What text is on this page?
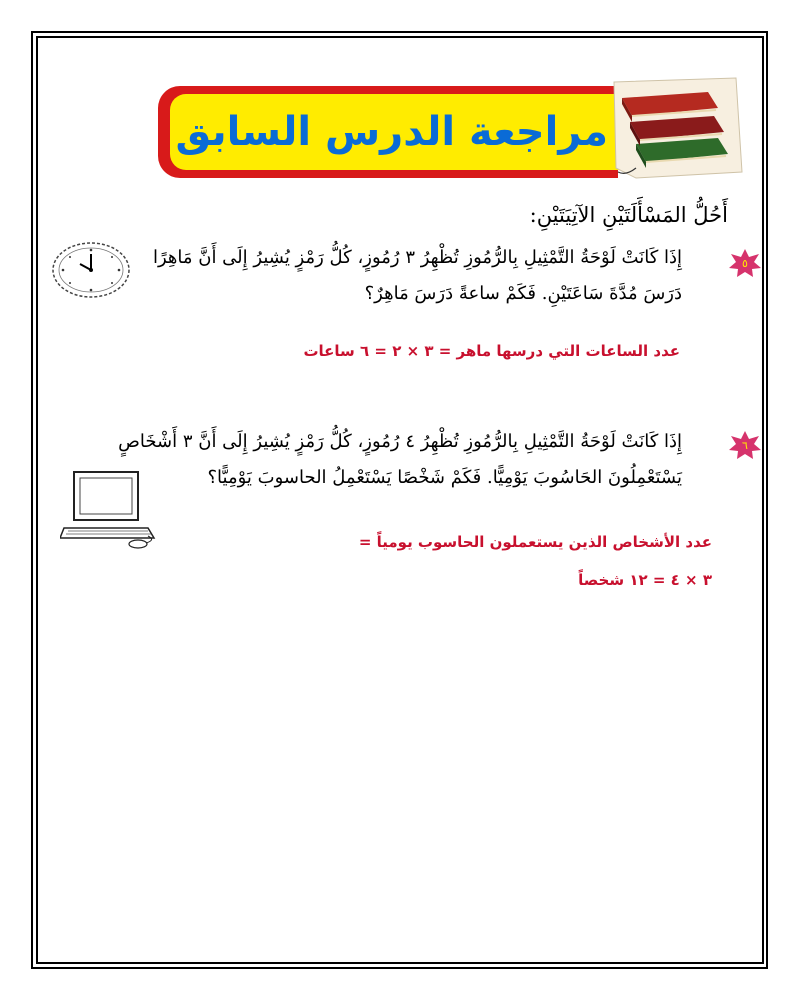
مراجعة الدرس السابق
أَحُلُّ المَسْأَلَتَيْنِ الآتِيَتَيْنِ:
٥
إِذَا كَانَتْ لَوْحَةُ التَّمْثِيلِ بِالرُّمُوزِ تُظْهِرُ ٣ رُمُوزٍ، كُلُّ رَمْزٍ يُشِيرُ إِلَى أَنَّ مَاهِرًا دَرَسَ مُدَّةَ سَاعَتَيْنِ. فَكَمْ ساعةً دَرَسَ مَاهِرٌ؟
عدد الساعات التي درسها ماهر = ٣ × ٢ = ٦ ساعات
٦
إِذَا كَانَتْ لَوْحَةُ التَّمْثِيلِ بِالرُّمُوزِ تُظْهِرُ ٤ رُمُوزٍ، كُلُّ رَمْزٍ يُشِيرُ إِلَى أَنَّ ٣ أَشْخَاصٍ يَسْتَعْمِلُونَ الحَاسُوبَ يَوْمِيًّا. فَكَمْ شَخْصًا يَسْتَعْمِلُ الحاسوبَ يَوْمِيًّا؟
عدد الأشخاص الذين يستعملون الحاسوب يومياً =
٣ × ٤ = ١٢ شخصاً
